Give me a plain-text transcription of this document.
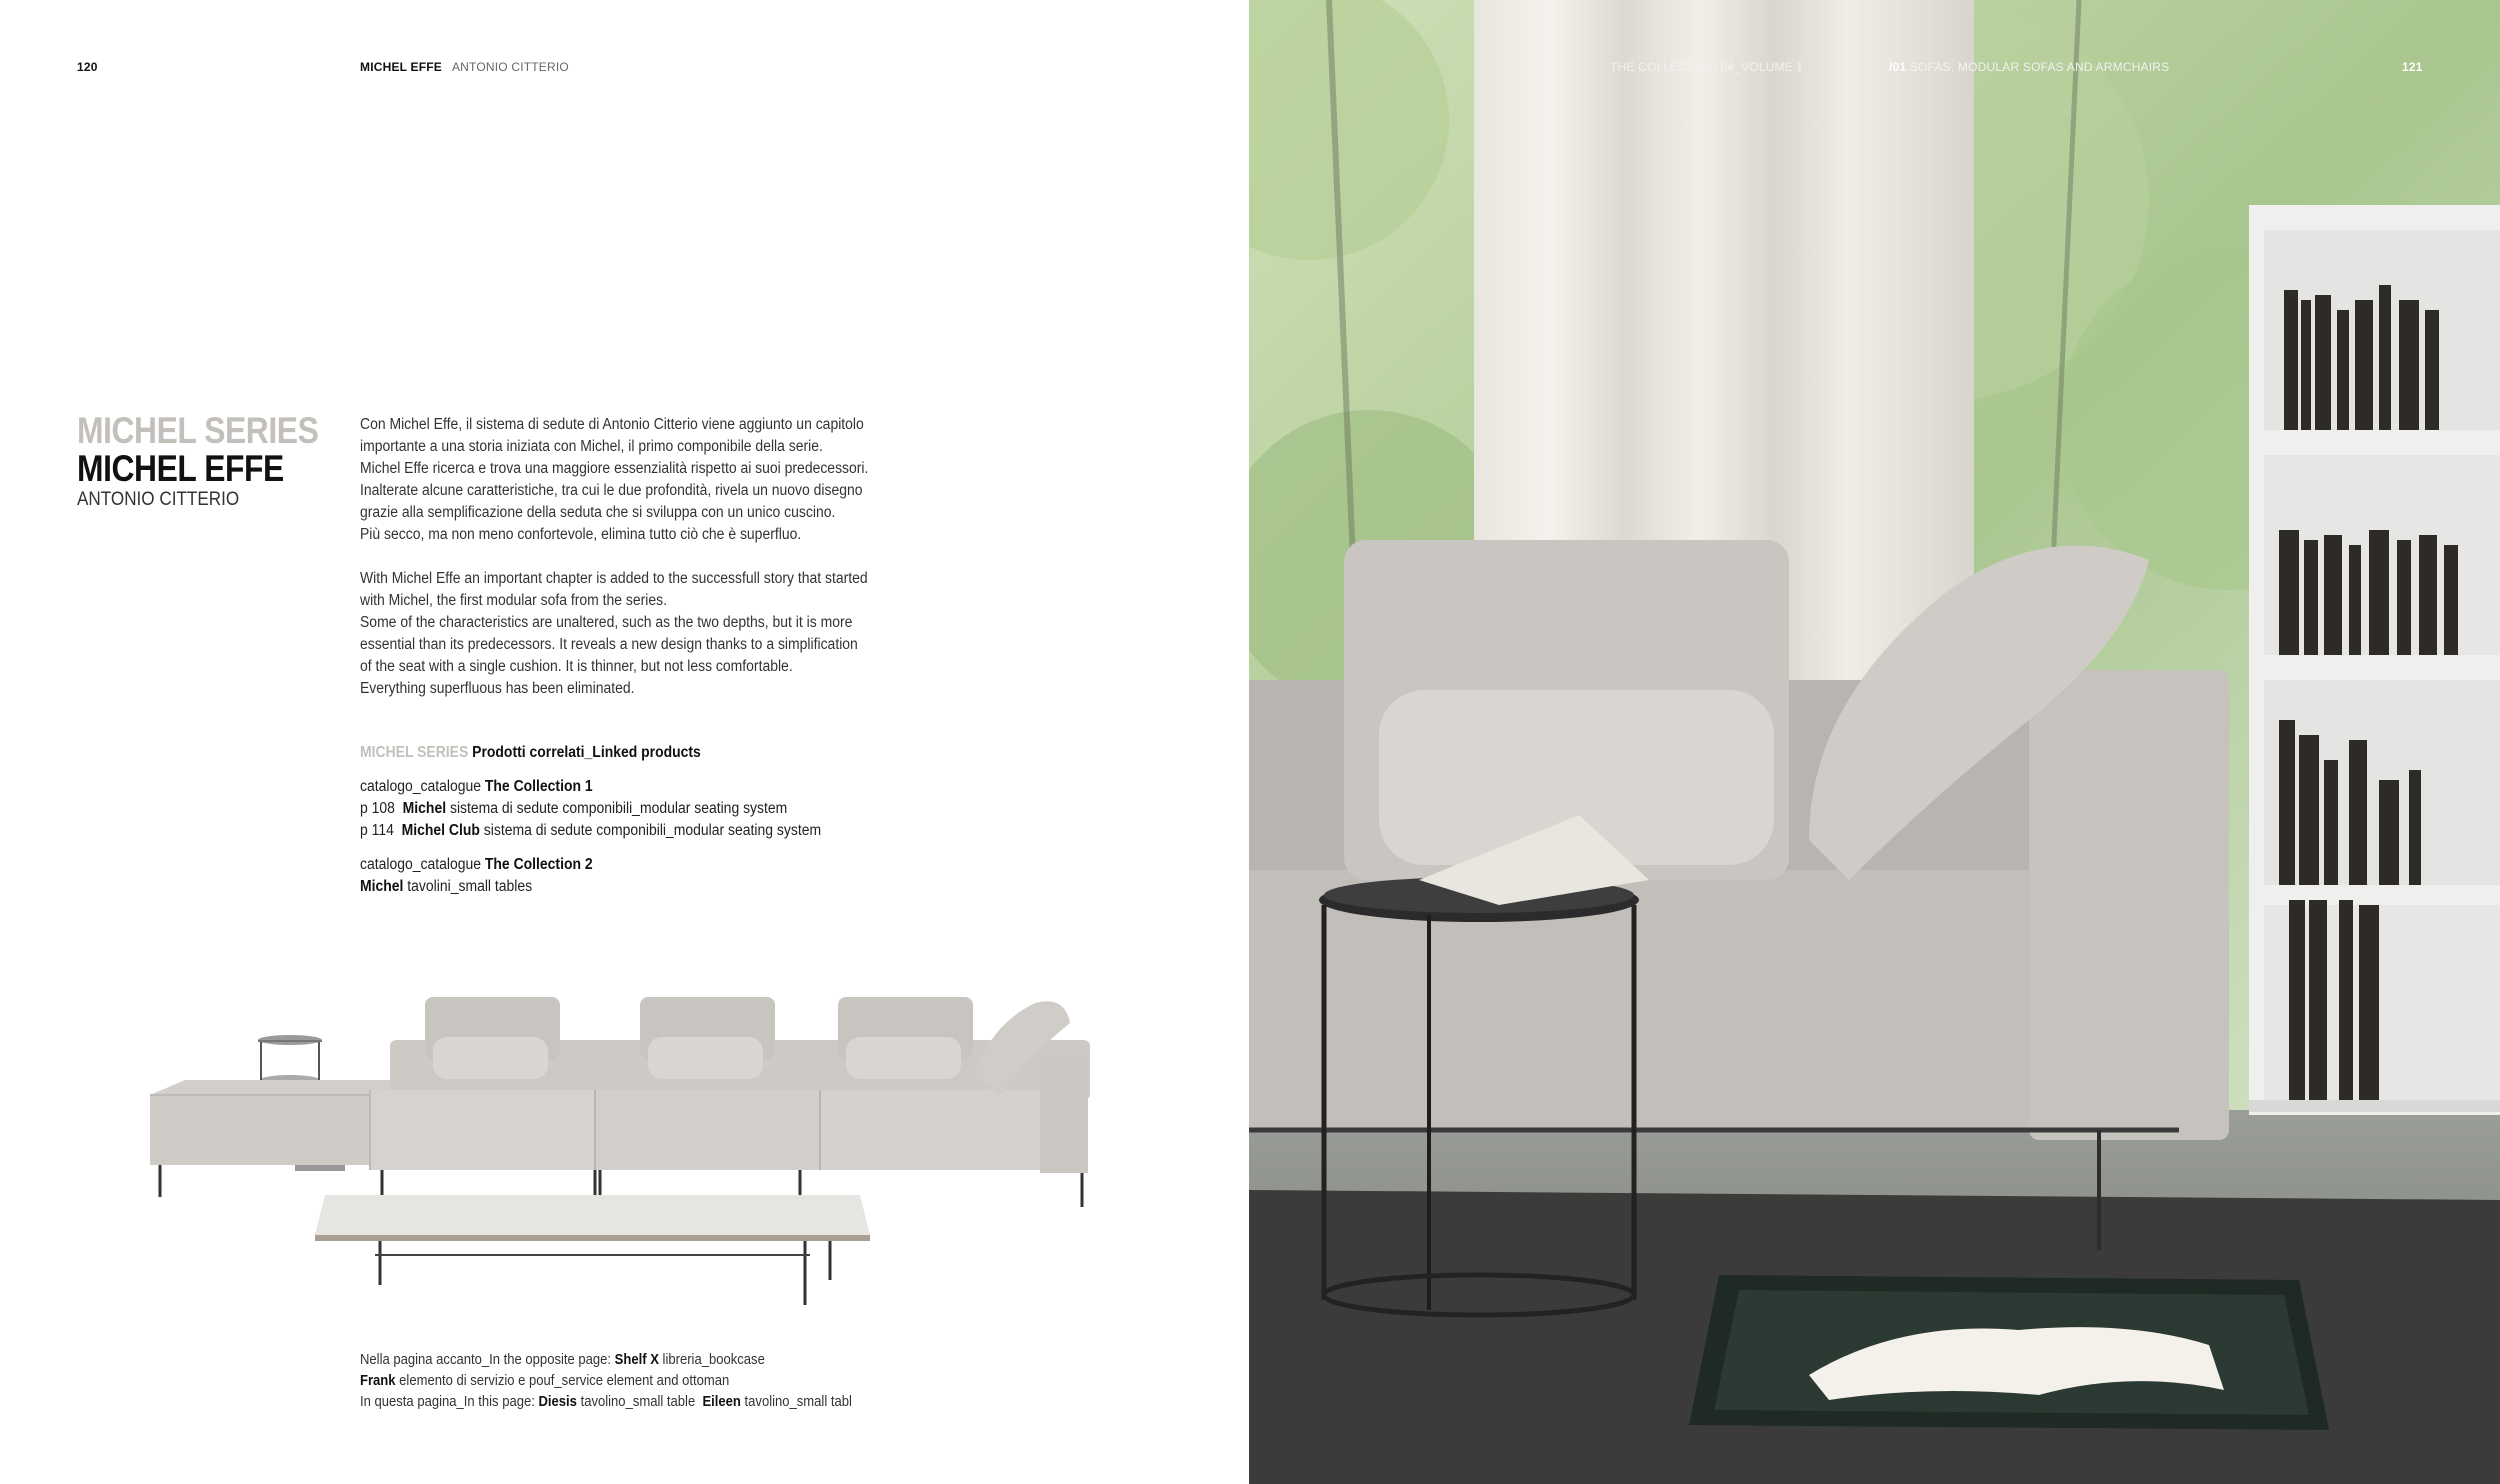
120	MICHEL EFFE ANTONIO CITTERIO
MICHEL SERIES
MICHEL EFFE
ANTONIO CITTERIO

Con Michel Effe, il sistema di sedute di Antonio Citterio viene aggiunto un capitolo

importante a una storia iniziata con Michel, il primo componibile della serie.

Michel Effe ricerca e trova una maggiore essenzialità rispetto ai suoi predecessori.

Inalterate alcune caratteristiche, tra cui le due profondità, rivela un nuovo disegno

grazie alla semplificazione della seduta che si sviluppa con un unico cuscino.

Più secco, ma non meno confortevole, elimina tutto ciò che è superfluo.

With Michel Effe an important chapter is added to the successfull story that started

with Michel, the first modular sofa from the series.

Some of the characteristics are unaltered, such as the two depths, but it is more

essential than its predecessors. It reveals a new design thanks to a simplification

of the seat with a single cushion. It is thinner, but not less comfortable.

Everything superfluous has been eliminated.

MICHEL SERIES Prodotti correlati_Linked products
catalogo_catalogue The Collection 1
p 108 Michel sistema di sedute componibili_modular seating system
p 114 Michel Club sistema di sedute componibili_modular seating system
catalogo_catalogue The Collection 2
Michel tavolini_small tables
Nella pagina accanto_In the opposite page: Shelf X libreria_bookcase
Frank elemento di servizio e pouf_service element and ottoman
In questa pagina_In this page: Diesis tavolino_small table Eileen tavolino_small tabl
THE COLLECTION 04_VOLUME 1	/01 SOFAS, MODULAR SOFAS AND ARMCHAIRS	121
